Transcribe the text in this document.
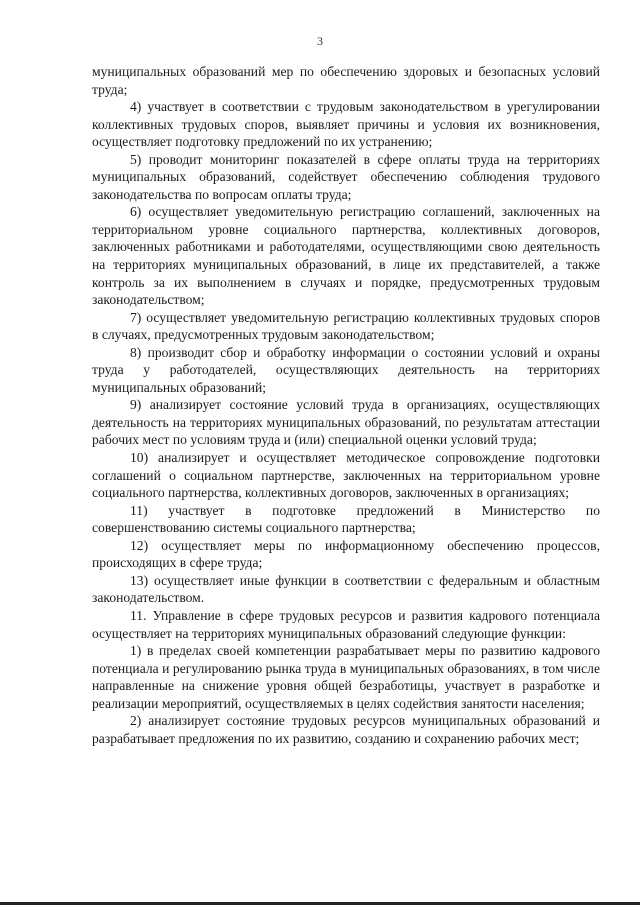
3

муниципальных образований мер по обеспечению здоровых и безопасных условий труда;

4) участвует в соответствии с трудовым законодательством в урегулировании коллективных трудовых споров, выявляет причины и условия их возникновения, осуществляет подготовку предложений по их устранению;

5) проводит мониторинг показателей в сфере оплаты труда на территориях муниципальных образований, содействует обеспечению соблюдения трудового законодательства по вопросам оплаты труда;

6) осуществляет уведомительную регистрацию соглашений, заключенных на территориальном уровне социального партнерства, коллективных договоров, заключенных работниками и работодателями, осуществляющими свою деятельность на территориях муниципальных образований, в лице их представителей, а также контроль за их выполнением в случаях и порядке, предусмотренных трудовым законодательством;

7) осуществляет уведомительную регистрацию коллективных трудовых споров в случаях, предусмотренных трудовым законодательством;

8) производит сбор и обработку информации о состоянии условий и охраны труда у работодателей, осуществляющих деятельность на территориях муниципальных образований;

9) анализирует состояние условий труда в организациях, осуществляющих деятельность на территориях муниципальных образований, по результатам аттестации рабочих мест по условиям труда и (или) специальной оценки условий труда;

10) анализирует и осуществляет методическое сопровождение подготовки соглашений о социальном партнерстве, заключенных на территориальном уровне социального партнерства, коллективных договоров, заключенных в организациях;

11) участвует в подготовке предложений в Министерство по совершенствованию системы социального партнерства;

12) осуществляет меры по информационному обеспечению процессов, происходящих в сфере труда;

13) осуществляет иные функции в соответствии с федеральным и областным законодательством.

11. Управление в сфере трудовых ресурсов и развития кадрового потенциала осуществляет на территориях муниципальных образований следующие функции:

1) в пределах своей компетенции разрабатывает меры по развитию кадрового потенциала и регулированию рынка труда в муниципальных образованиях, в том числе направленные на снижение уровня общей безработицы, участвует в разработке и реализации мероприятий, осуществляемых в целях содействия занятости населения;

2) анализирует состояние трудовых ресурсов муниципальных образований и разрабатывает предложения по их развитию, созданию и сохранению рабочих мест;
